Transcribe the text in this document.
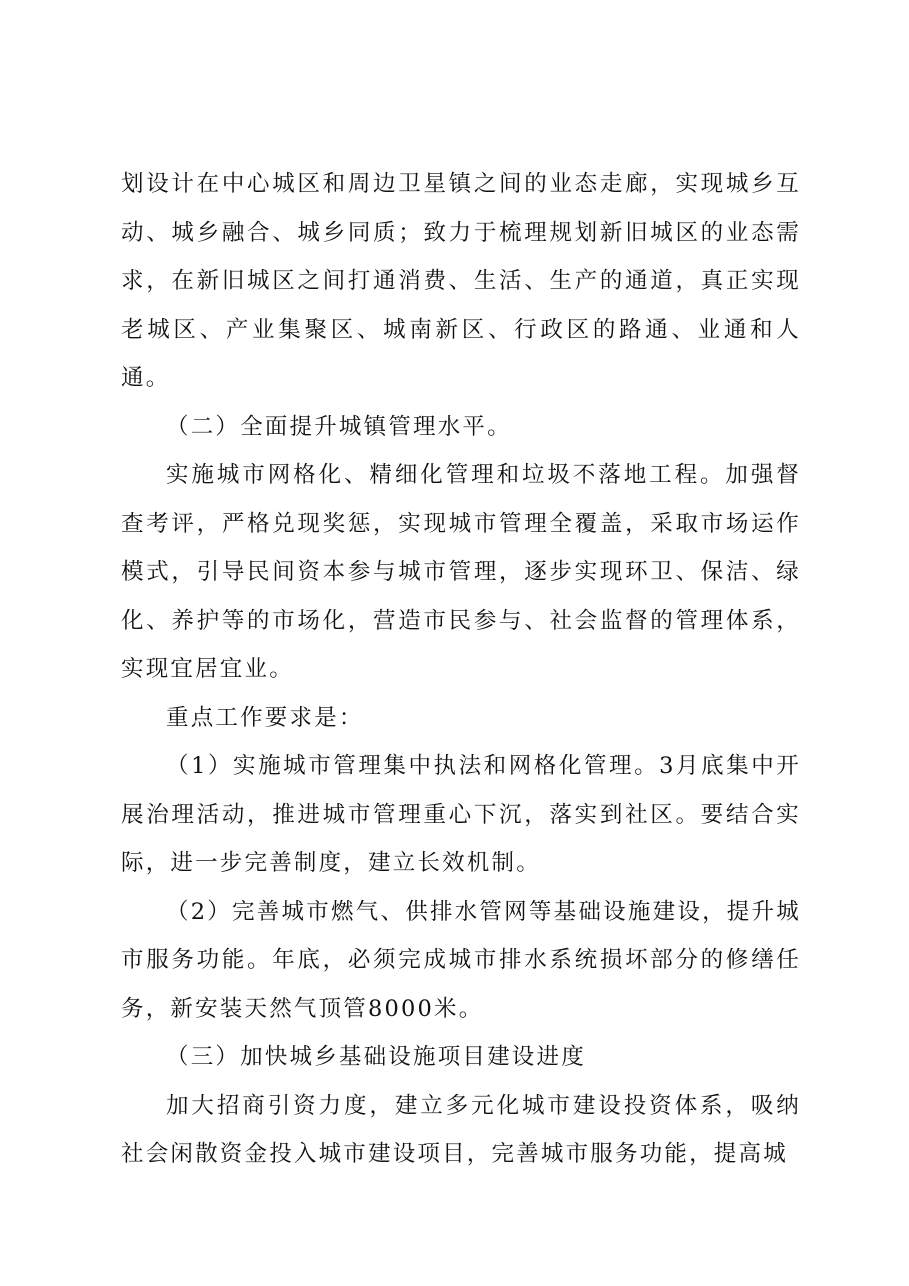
划设计在中心城区和周边卫星镇之间的业态走廊，实现城乡互动、城乡融合、城乡同质；致力于梳理规划新旧城区的业态需求，在新旧城区之间打通消费、生活、生产的通道，真正实现老城区、产业集聚区、城南新区、行政区的路通、业通和人通。

（二）全面提升城镇管理水平。

实施城市网格化、精细化管理和垃圾不落地工程。加强督查考评，严格兑现奖惩，实现城市管理全覆盖，采取市场运作模式，引导民间资本参与城市管理，逐步实现环卫、保洁、绿化、养护等的市场化，营造市民参与、社会监督的管理体系，实现宜居宜业。

重点工作要求是：

（1）实施城市管理集中执法和网格化管理。3月底集中开展治理活动，推进城市管理重心下沉，落实到社区。要结合实际，进一步完善制度，建立长效机制。

（2）完善城市燃气、供排水管网等基础设施建设，提升城市服务功能。年底，必须完成城市排水系统损坏部分的修缮任务，新安装天然气顶管8000米。

（三）加快城乡基础设施项目建设进度

加大招商引资力度，建立多元化城市建设投资体系，吸纳社会闲散资金投入城市建设项目，完善城市服务功能，提高城
